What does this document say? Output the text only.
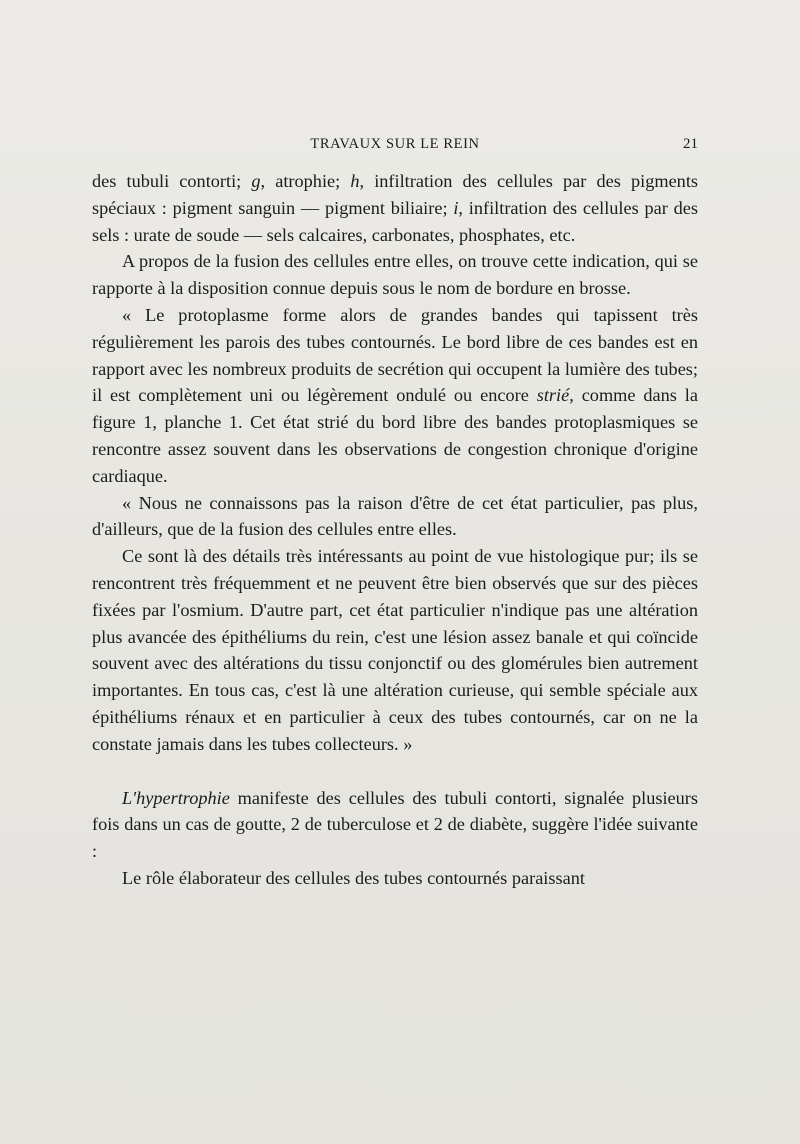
TRAVAUX SUR LE REIN	21

des tubuli contorti; g, atrophie; h, infiltration des cellules par des pigments spéciaux : pigment sanguin — pigment biliaire; i, infiltration des cellules par des sels : urate de soude — sels calcaires, carbonates, phosphates, etc.

A propos de la fusion des cellules entre elles, on trouve cette indication, qui se rapporte à la disposition connue depuis sous le nom de bordure en brosse.

« Le protoplasme forme alors de grandes bandes qui tapissent très régulièrement les parois des tubes contournés. Le bord libre de ces bandes est en rapport avec les nombreux produits de secrétion qui occupent la lumière des tubes; il est complètement uni ou légèrement ondulé ou encore strié, comme dans la figure 1, planche 1. Cet état strié du bord libre des bandes protoplasmiques se rencontre assez souvent dans les observations de congestion chronique d'origine cardiaque.

« Nous ne connaissons pas la raison d'être de cet état particulier, pas plus, d'ailleurs, que de la fusion des cellules entre elles.

Ce sont là des détails très intéressants au point de vue histologique pur; ils se rencontrent très fréquemment et ne peuvent être bien observés que sur des pièces fixées par l'osmium. D'autre part, cet état particulier n'indique pas une altération plus avancée des épithéliums du rein, c'est une lésion assez banale et qui coïncide souvent avec des altérations du tissu conjonctif ou des glomérules bien autrement importantes. En tous cas, c'est là une altération curieuse, qui semble spéciale aux épithéliums rénaux et en particulier à ceux des tubes contournés, car on ne la constate jamais dans les tubes collecteurs. »

L'hypertrophie manifeste des cellules des tubuli contorti, signalée plusieurs fois dans un cas de goutte, 2 de tuberculose et 2 de diabète, suggère l'idée suivante :

Le rôle élaborateur des cellules des tubes contournés paraissant
